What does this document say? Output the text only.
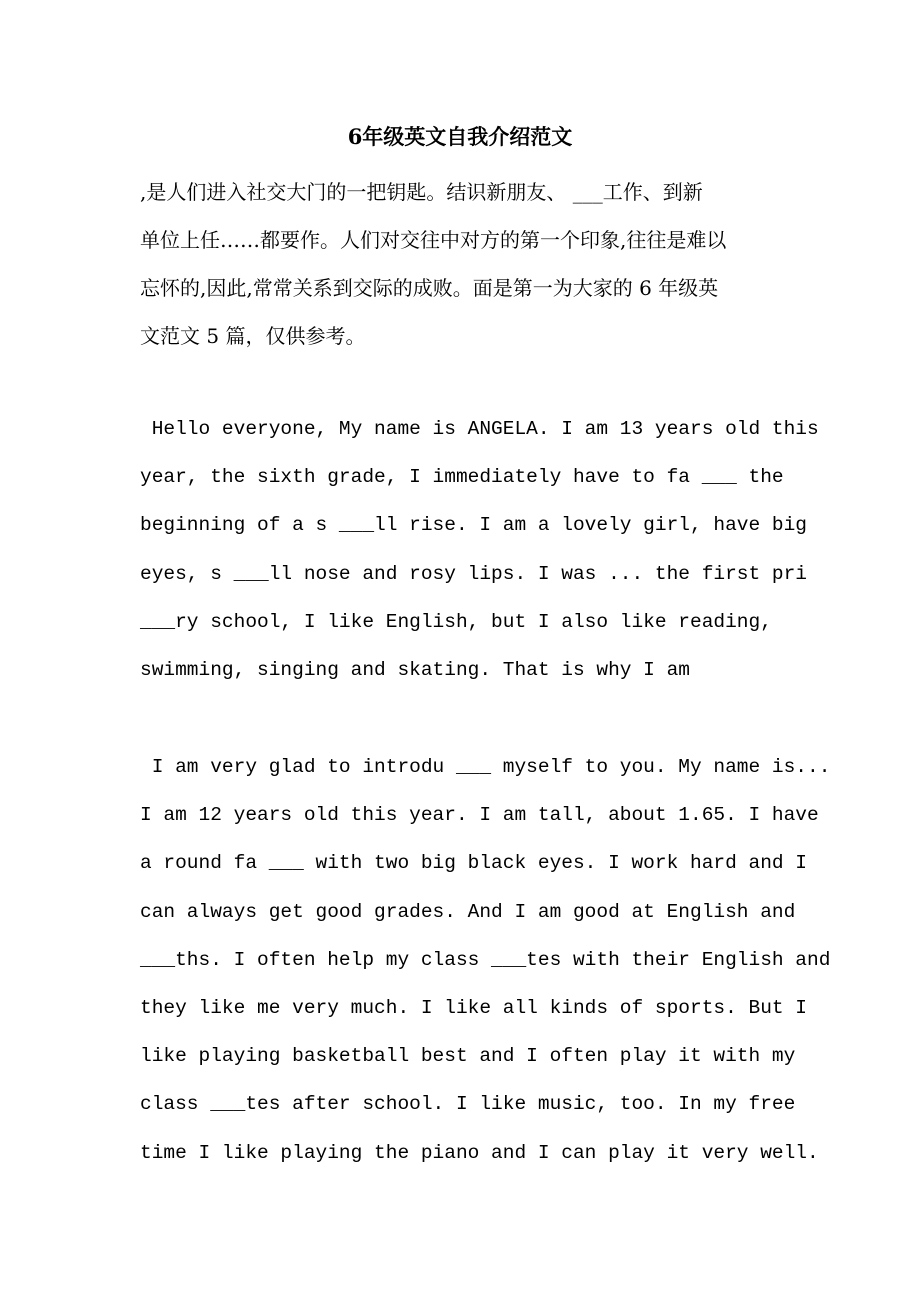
6年级英文自我介绍范文
,是人们进入社交大门的一把钥匙。结识新朋友、 ___工作、到新
单位上任……都要作。人们对交往中对方的第一个印象,往往是难以
忘怀的,因此,常常关系到交际的成败。面是第一为大家的 6 年级英
文范文 5 篇，仅供参考。
Hello everyone, My name is ANGELA. I am 13 years old this
year, the sixth grade, I immediately have to fa ___ the
beginning of a s ___ll rise. I am a lovely girl, have big
eyes, s ___ll nose and rosy lips. I was ... the first pri
___ry school, I like English, but I also like reading,
swimming, singing and skating. That is why I am
I am very glad to introdu ___ myself to you. My name is...
I am 12 years old this year. I am tall, about 1.65. I have
a round fa ___ with two big black eyes. I work hard and I
can always get good grades. And I am good at English and
___ths. I often help my class ___tes with their English and
they like me very much. I like all kinds of sports. But I
like playing basketball best and I often play it with my
class ___tes after school. I like music, too. In my free
time I like playing the piano and I can play it very well.
